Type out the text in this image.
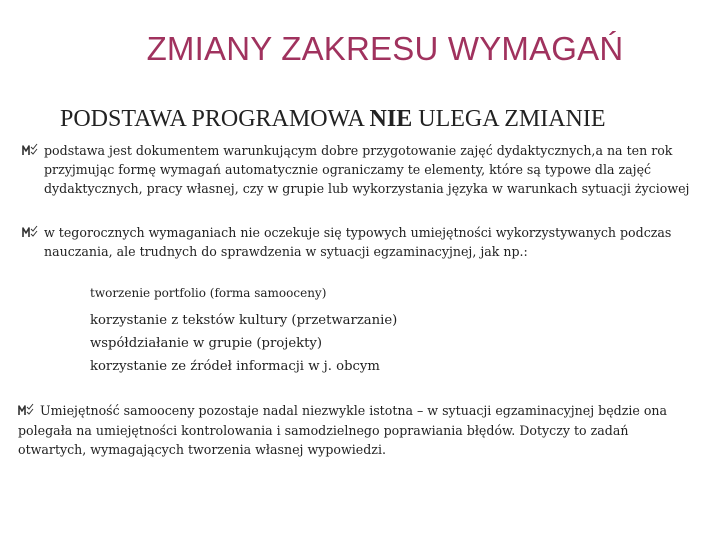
ZMIANY ZAKRESU WYMAGAŃ
PODSTAWA PROGRAMOWA NIE ULEGA ZMIANIE
podstawa jest dokumentem warunkującym dobre przygotowanie zajęć dydaktycznych,a na ten rok przyjmując formę wymagań automatycznie ograniczamy te elementy, które są typowe dla zajęć dydaktycznych, pracy własnej, czy w grupie lub wykorzystania języka w warunkach sytuacji życiowej
w tegorocznych wymaganiach nie oczekuje się typowych umiejętności wykorzystywanych podczas nauczania, ale trudnych do sprawdzenia w sytuacji egzaminacyjnej, jak np.:
tworzenie portfolio (forma samooceny)
korzystanie z tekstów kultury (przetwarzanie)
współdziałanie w grupie (projekty)
korzystanie ze źródeł informacji w j. obcym
Umiejętność samooceny pozostaje nadal niezwykle istotna – w sytuacji egzaminacyjnej będzie ona polegała na umiejętności kontrolowania i samodzielnego poprawiania błędów. Dotyczy to zadań otwartych, wymagających tworzenia własnej wypowiedzi.
